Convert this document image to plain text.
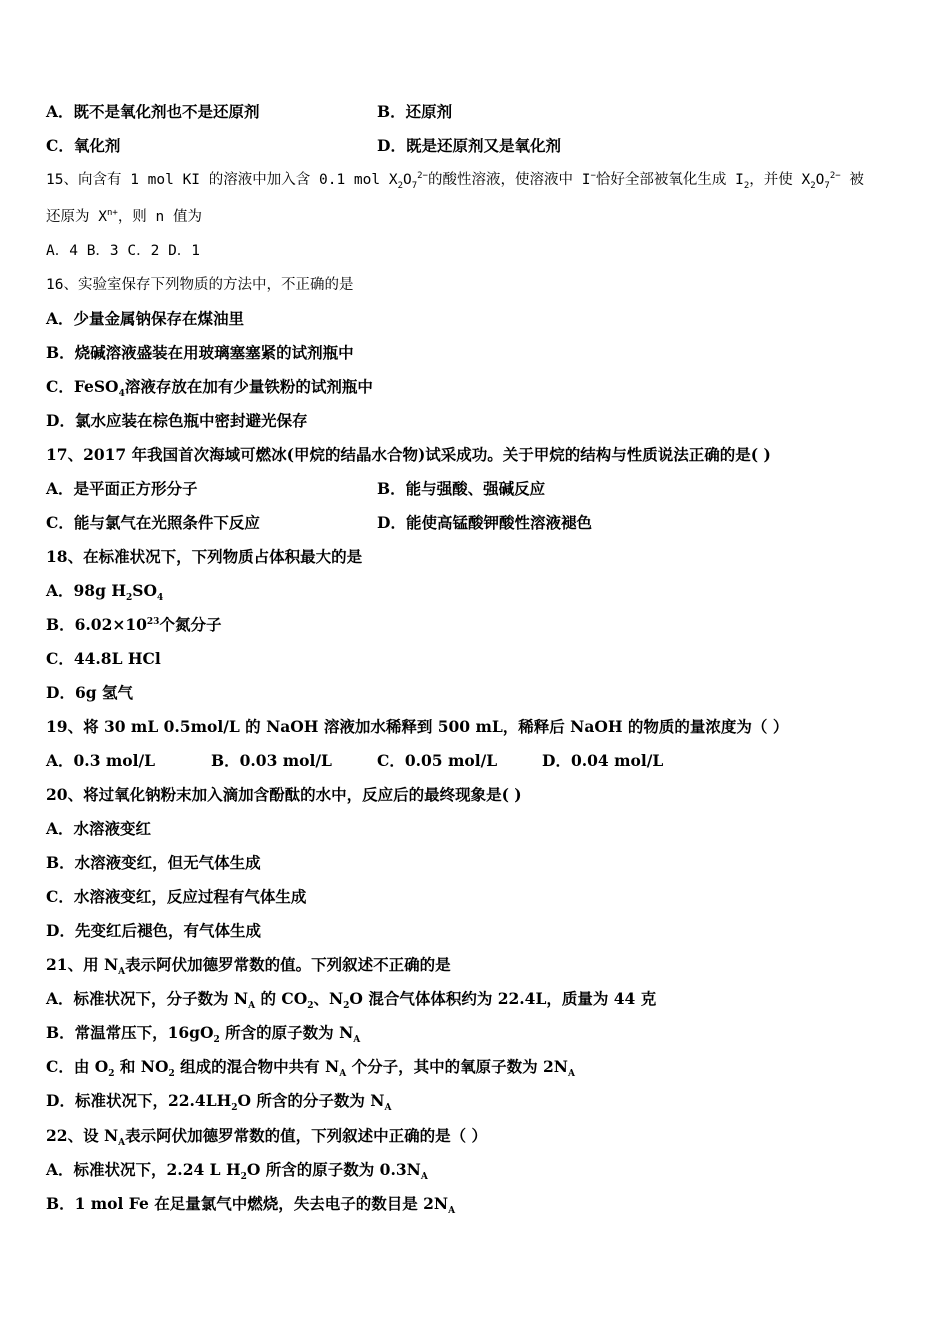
A．既不是氧化剂也不是还原剂	B．还原剂
C．氧化剂	D．既是还原剂又是氧化剂
15、向含有 1 mol KI 的溶液中加入含 0.1 mol $X_2O_7^{2-}$的酸性溶液，使溶液中 I−恰好全部被氧化生成 $I_2$，并使 $X_2O_7^{2-}$ 被
还原为 $X^{n+}$，则 n 值为
A．4 B．3 C．2 D．1
16、实验室保存下列物质的方法中，不正确的是
A．少量金属钠保存在煤油里
B．烧碱溶液盛装在用玻璃塞塞紧的试剂瓶中
C．FeSO$_4$溶液存放在加有少量铁粉的试剂瓶中
D．氯水应装在棕色瓶中密封避光保存
17、2017 年我国首次海域可燃冰(甲烷的结晶水合物)试采成功。关于甲烷的结构与性质说法正确的是( )
A．是平面正方形分子	B．能与强酸、强碱反应
C．能与氯气在光照条件下反应	D．能使高锰酸钾酸性溶液褪色
18、在标准状况下，下列物质占体积最大的是
A．98g $H_2SO_4$
B．$6.02\times 10^{23}$个氮分子
C．44.8L HCl
D．6g 氢气
19、将 30 mL 0.5mol/L 的 NaOH 溶液加水稀释到 500 mL，稀释后 NaOH 的物质的量浓度为（ ）
A．0.3 mol/L	B．0.03 mol/L	C．0.05 mol/L	D．0.04 mol/L
20、将过氧化钠粉末加入滴加含酚酞的水中，反应后的最终现象是( )
A．水溶液变红
B．水溶液变红，但无气体生成
C．水溶液变红，反应过程有气体生成
D．先变红后褪色，有气体生成
21、用 $N_A$表示阿伏加德罗常数的值。下列叙述不正确的是
A．标准状况下，分子数为 $N_A$ 的 $CO_2$、$N_2O$ 混合气体体积约为 22.4L，质量为 44 克
B．常温常压下，$16gO_2$ 所含的原子数为 $N_A$
C．由 $O_2$ 和 $NO_2$ 组成的混合物中共有 $N_A$ 个分子，其中的氧原子数为 $2N_A$
D．标准状况下，$22.4LH_2O$ 所含的分子数为 $N_A$
22、设 $N_A$表示阿伏加德罗常数的值，下列叙述中正确的是（ ）
A．标准状况下，2.24 L $H_2O$ 所含的原子数为 $0.3N_A$
B．1 mol Fe 在足量氯气中燃烧，失去电子的数目是 $2N_A$
